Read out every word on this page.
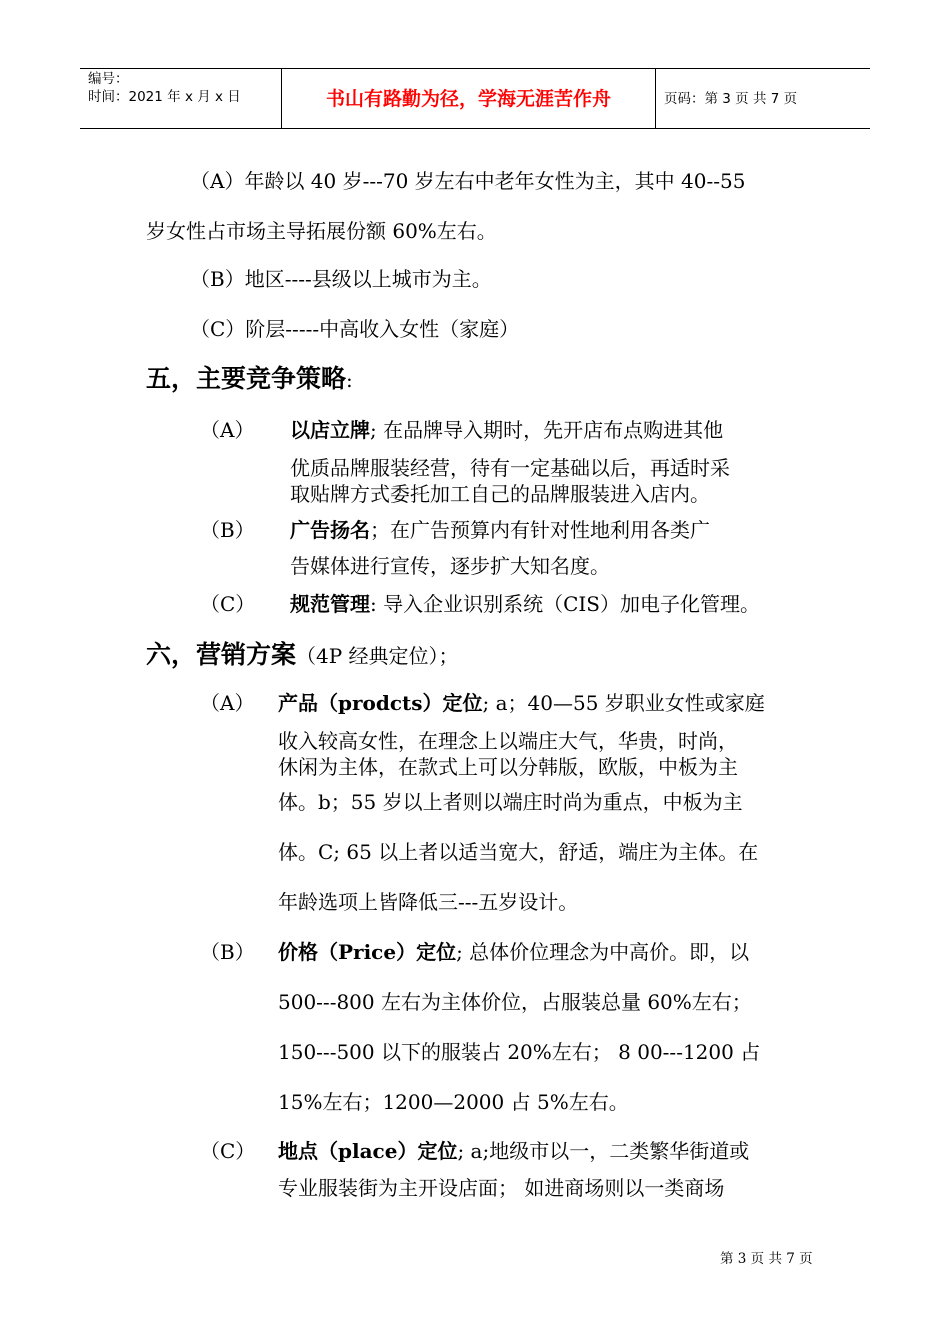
编号：
时间：2021 年 x 月 x 日	书山有路勤为径，学海无涯苦作舟	页码：第 3 页 共 7 页
（A）年龄以 40 岁---70 岁左右中老年女性为主，其中 40--55
岁女性占市场主导拓展份额 60%左右。
（B）地区----县级以上城市为主。
（C）阶层-----中高收入女性（家庭）
五，主要竞争策略:
（A） 以店立牌; 在品牌导入期时，先开店布点购进其他
优质品牌服装经营，待有一定基础以后，再适时采
取贴牌方式委托加工自己的品牌服装进入店内。
（B） 广告扬名；在广告预算内有针对性地利用各类广
告媒体进行宣传，逐步扩大知名度。
（C） 规范管理: 导入企业识别系统（CIS）加电子化管理。
六，营销方案（4P 经典定位）；
（A） 产品（prodcts）定位; a；40—55 岁职业女性或家庭
收入较高女性，在理念上以端庄大气，华贵，时尚，
休闲为主体，在款式上可以分韩版，欧版，中板为主
体。b；55 岁以上者则以端庄时尚为重点，中板为主
体。C; 65 以上者以适当宽大，舒适，端庄为主体。在
年龄选项上皆降低三---五岁设计。
（B） 价格（Price）定位; 总体价位理念为中高价。即，以
500---800 左右为主体价位，占服装总量 60%左右；
150---500 以下的服装占 20%左右； 8 00---1200 占
15%左右；1200—2000 占 5%左右。
（C） 地点（place）定位; a;地级市以一，二类繁华街道或
专业服装街为主开设店面； 如进商场则以一类商场
第 3 页 共 7 页
